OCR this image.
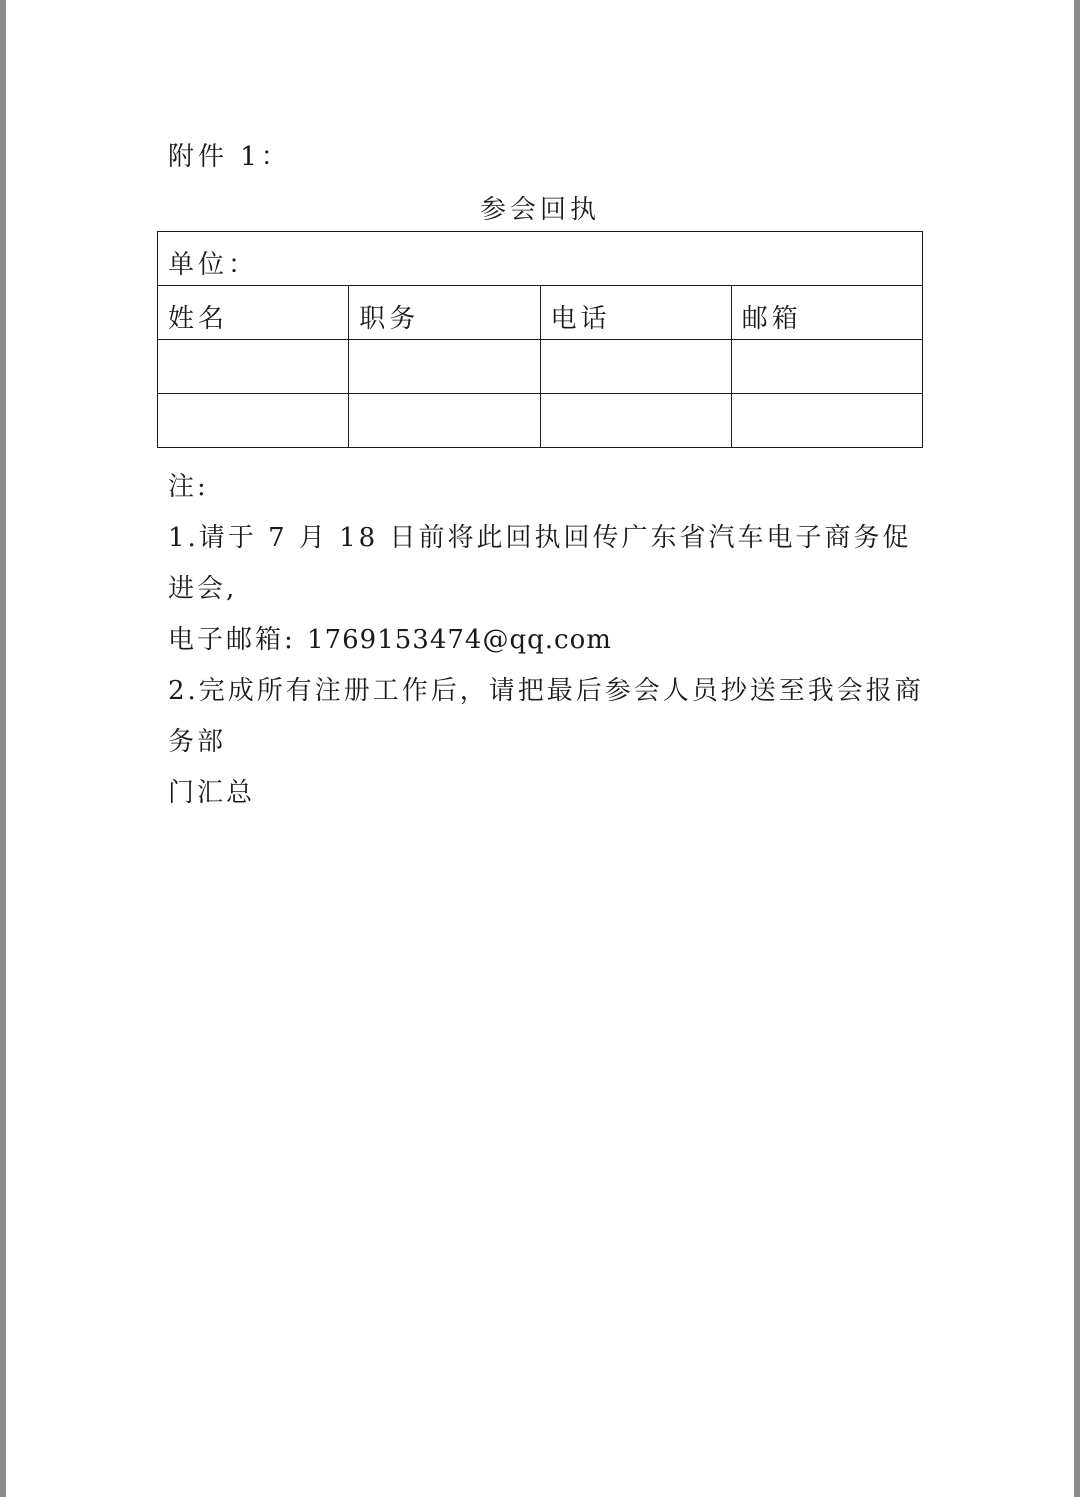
附件 1：

参会回执
单位：			
姓名	职务	电话	邮箱

注:

1.请于 7 月 18 日前将此回执回传广东省汽车电子商务促进会,

电子邮箱: 1769153474@qq.com

2.完成所有注册工作后，请把最后参会人员抄送至我会报商务部

门汇总
